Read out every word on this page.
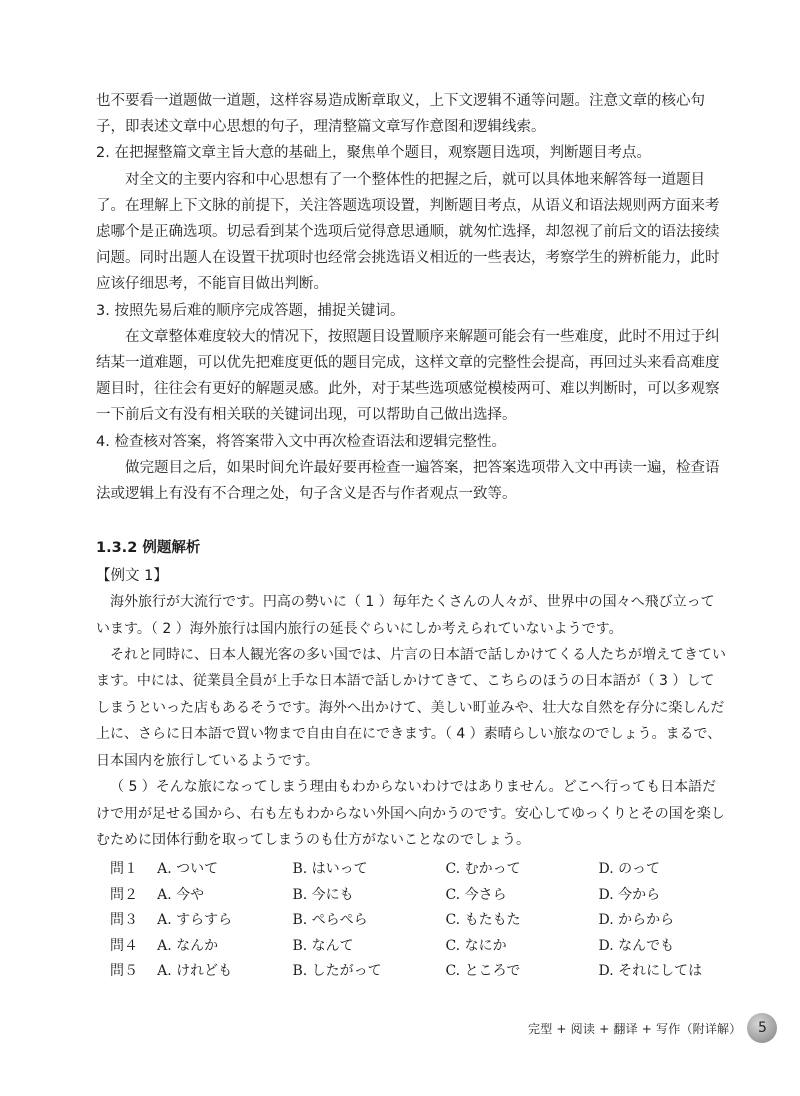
也不要看一道题做一道题，这样容易造成断章取义，上下文逻辑不通等问题。注意文章的核心句子，即表述文章中心思想的句子，理清整篇文章写作意图和逻辑线索。

2. 在把握整篇文章主旨大意的基础上，聚焦单个题目，观察题目选项，判断题目考点。

对全文的主要内容和中心思想有了一个整体性的把握之后，就可以具体地来解答每一道题目了。在理解上下文脉的前提下，关注答题选项设置，判断题目考点，从语义和语法规则两方面来考虑哪个是正确选项。切忌看到某个选项后觉得意思通顺，就匆忙选择，却忽视了前后文的语法接续问题。同时出题人在设置干扰项时也经常会挑选语义相近的一些表达，考察学生的辨析能力，此时应该仔细思考，不能盲目做出判断。

3. 按照先易后难的顺序完成答题，捕捉关键词。

在文章整体难度较大的情况下，按照题目设置顺序来解题可能会有一些难度，此时不用过于纠结某一道难题，可以优先把难度更低的题目完成，这样文章的完整性会提高，再回过头来看高难度题目时，往往会有更好的解题灵感。此外，对于某些选项感觉模棱两可、难以判断时，可以多观察一下前后文有没有相关联的关键词出现，可以帮助自己做出选择。

4. 检查核对答案，将答案带入文中再次检查语法和逻辑完整性。

做完题目之后，如果时间允许最好要再检查一遍答案，把答案选项带入文中再读一遍，检查语法或逻辑上有没有不合理之处，句子含义是否与作者观点一致等。

1.3.2 例题解析
【例文 1】

海外旅行が大流行です。円高の勢いに（ 1 ）毎年たくさんの人々が、世界中の国々へ飛び立っています。（ 2 ）海外旅行は国内旅行の延長ぐらいにしか考えられていないようです。

それと同時に、日本人観光客の多い国では、片言の日本語で話しかけてくる人たちが増えてきています。中には、従業員全員が上手な日本語で話しかけてきて、こちらのほうの日本語が（ 3 ）してしまうといった店もあるそうです。海外へ出かけて、美しい町並みや、壮大な自然を存分に楽しんだ上に、さらに日本語で買い物まで自由自在にできます。（ 4 ）素晴らしい旅なのでしょう。まるで、日本国内を旅行しているようです。

（ 5 ）そんな旅になってしまう理由もわからないわけではありません。どこへ行っても日本語だけで用が足せる国から、右も左もわからない外国へ向かうのです。安心してゆっくりとその国を楽しむために団体行動を取ってしまうのも仕方がないことなのでしょう。

問１	A. ついて	B. はいって	C. むかって	D. のって
問２	A. 今や	B. 今にも	C. 今さら	D. 今から
問３	A. すらすら	B. ぺらぺら	C. もたもた	D. からから
問４	A. なんか	B. なんて	C. なにか	D. なんでも
問５	A. けれども	B. したがって	C. ところで	D. それにしては
完型 + 阅读 + 翻译 + 写作（附详解）	5
